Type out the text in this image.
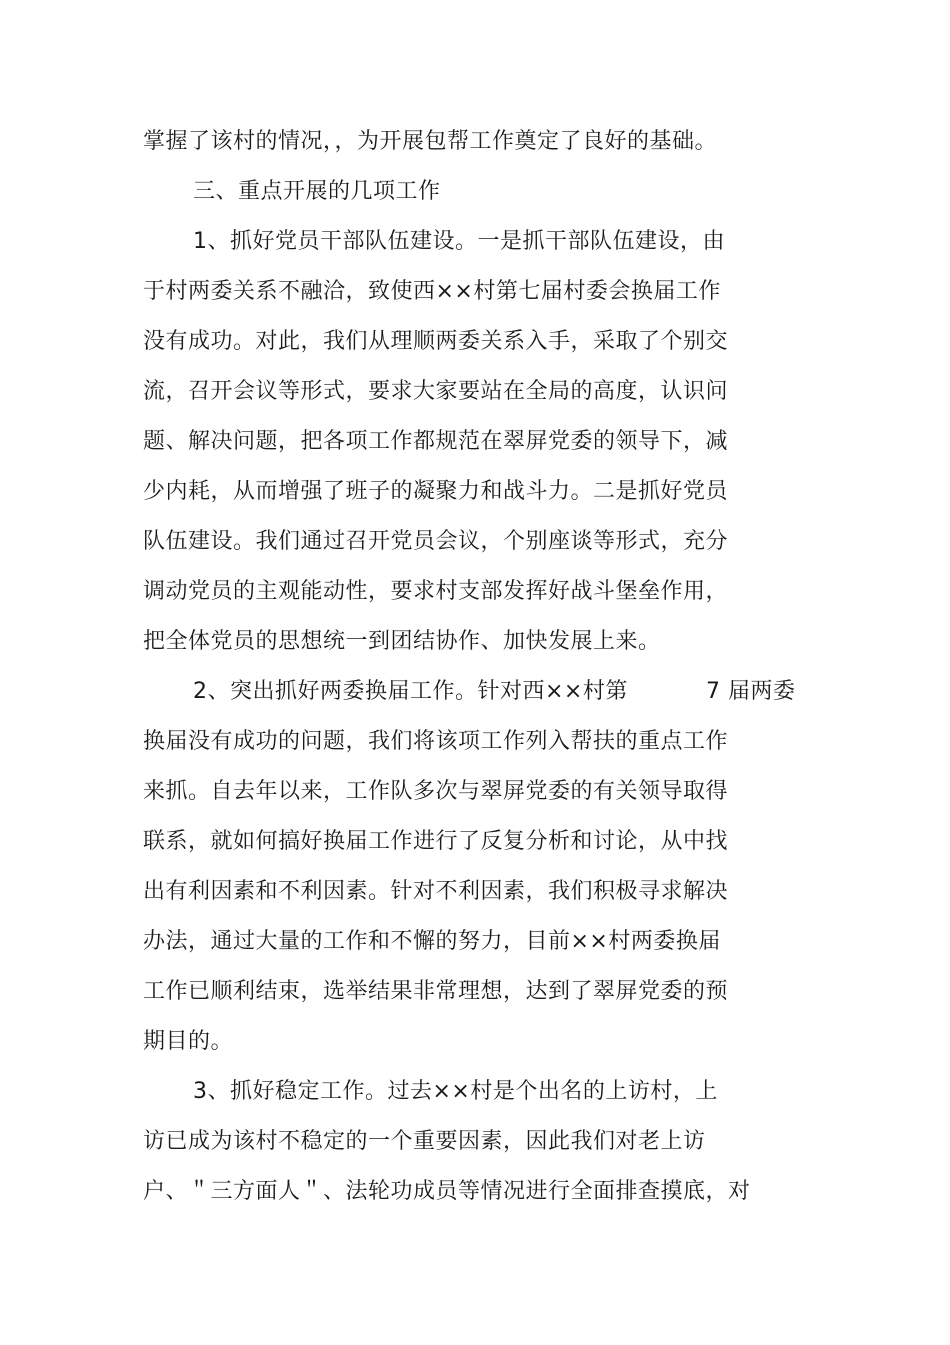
掌握了该村的情况，，为开展包帮工作奠定了良好的基础。
三、重点开展的几项工作
1、抓好党员干部队伍建设。一是抓干部队伍建设，由
于村两委关系不融洽，致使西××村第七届村委会换届工作
没有成功。对此，我们从理顺两委关系入手，采取了个别交
流，召开会议等形式，要求大家要站在全局的高度，认识问
题、解决问题，把各项工作都规范在翠屏党委的领导下，减
少内耗，从而增强了班子的凝聚力和战斗力。二是抓好党员
队伍建设。我们通过召开党员会议，个别座谈等形式，充分
调动党员的主观能动性，要求村支部发挥好战斗堡垒作用，
把全体党员的思想统一到团结协作、加快发展上来。
2、突出抓好两委换届工作。针对西××村第	7 届两委
换届没有成功的问题，我们将该项工作列入帮扶的重点工作
来抓。自去年以来，工作队多次与翠屏党委的有关领导取得
联系，就如何搞好换届工作进行了反复分析和讨论，从中找
出有利因素和不利因素。针对不利因素，我们积极寻求解决
办法，通过大量的工作和不懈的努力，目前××村两委换届
工作已顺利结束，选举结果非常理想，达到了翠屏党委的预
期目的。
3、抓好稳定工作。过去××村是个出名的上访村，上
访已成为该村不稳定的一个重要因素，因此我们对老上访
户、＂三方面人＂、法轮功成员等情况进行全面排查摸底，对
